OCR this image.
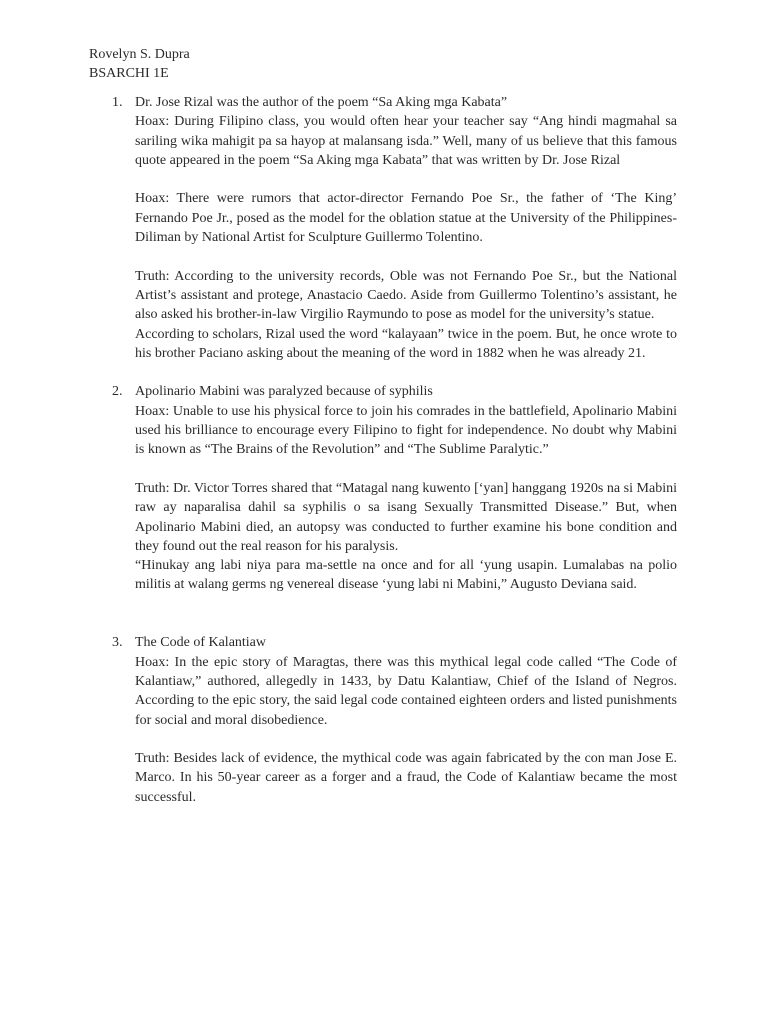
Rovelyn S. Dupra
BSARCHI 1E
1. Dr. Jose Rizal was the author of the poem “Sa Aking mga Kabata”

Hoax: During Filipino class, you would often hear your teacher say “Ang hindi magmahal sa sariling wika mahigit pa sa hayop at malansang isda.” Well, many of us believe that this famous quote appeared in the poem “Sa Aking mga Kabata” that was written by Dr. Jose Rizal

Hoax: There were rumors that actor-director Fernando Poe Sr., the father of ‘The King’ Fernando Poe Jr., posed as the model for the oblation statue at the University of the Philippines-Diliman by National Artist for Sculpture Guillermo Tolentino.

Truth: According to the university records, Oble was not Fernando Poe Sr., but the National Artist’s assistant and protege, Anastacio Caedo. Aside from Guillermo Tolentino’s assistant, he also asked his brother-in-law Virgilio Raymundo to pose as model for the university’s statue.

According to scholars, Rizal used the word “kalayaan” twice in the poem. But, he once wrote to his brother Paciano asking about the meaning of the word in 1882 when he was already 21.

2. Apolinario Mabini was paralyzed because of syphilis

Hoax: Unable to use his physical force to join his comrades in the battlefield, Apolinario Mabini used his brilliance to encourage every Filipino to fight for independence. No doubt why Mabini is known as “The Brains of the Revolution” and “The Sublime Paralytic.”

Truth: Dr. Victor Torres shared that “Matagal nang kuwento [‘yan] hanggang 1920s na si Mabini raw ay naparalisa dahil sa syphilis o sa isang Sexually Transmitted Disease.” But, when Apolinario Mabini died, an autopsy was conducted to further examine his bone condition and they found out the real reason for his paralysis.

“Hinukay ang labi niya para ma-settle na once and for all ‘yung usapin. Lumalabas na polio militis at walang germs ng venereal disease ‘yung labi ni Mabini,” Augusto Deviana said.

3. The Code of Kalantiaw

Hoax: In the epic story of Maragtas, there was this mythical legal code called “The Code of Kalantiaw,” authored, allegedly in 1433, by Datu Kalantiaw, Chief of the Island of Negros. According to the epic story, the said legal code contained eighteen orders and listed punishments for social and moral disobedience.

Truth: Besides lack of evidence, the mythical code was again fabricated by the con man Jose E. Marco. In his 50-year career as a forger and a fraud, the Code of Kalantiaw became the most successful.
